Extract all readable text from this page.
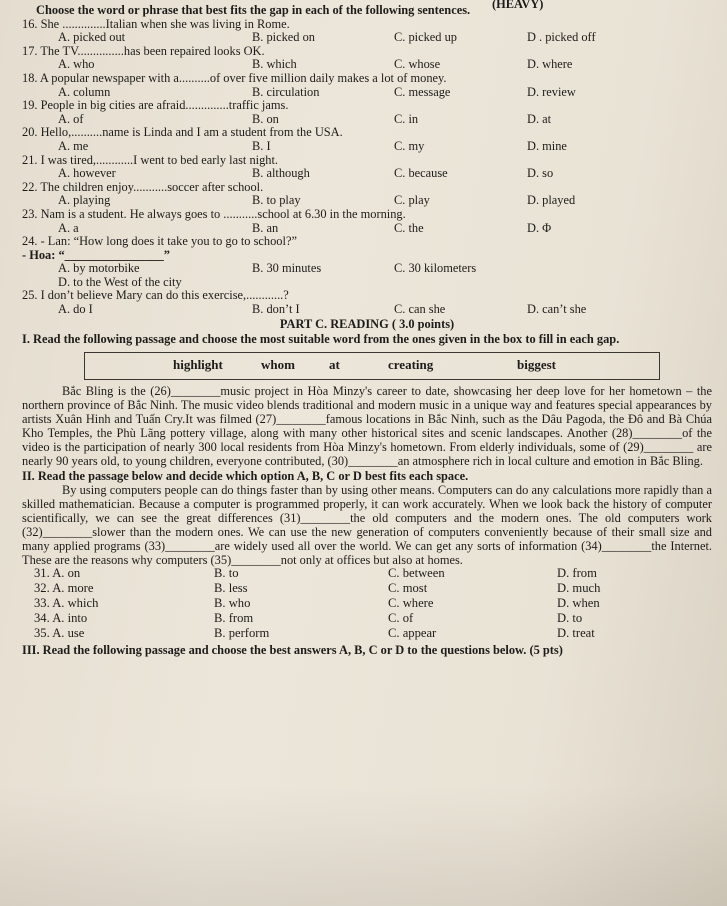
Choose the word or phrase that best fits the gap in each of the following sentences. (HEAVY)
16. She ..............Italian when she was living in Rome.
A. picked out	B. picked on	C. picked up	D . picked off
17. The TV...............has been repaired looks OK.
A. who	B. which	C. whose	D. where
18. A popular newspaper with a..........of over five million daily makes a lot of money.
A. column	B. circulation	C. message	D. review
19. People in big cities are afraid..............traffic jams.
A. of	B. on	C. in	D. at
20. Hello,..........name is Linda and I am a student from the USA.
A. me	B. I	C. my	D. mine
21. I was tired,............I went to bed early last night.
A. however	B. although	C. because	D. so
22. The children enjoy...........soccer after school.
A. playing	B. to play	C. play	D. played
23. Nam is a student. He always goes to ...........school at 6.30 in the morning.
A. a	B. an	C. the	D. Φ
24. - Lan: “How long does it take you to go to school?”
- Hoa: “________________”
A. by motorbike	B. 30 minutes	C. 30 kilometers
D. to the West of the city
25. I don’t believe Mary can do this exercise,............?
A. do I	B. don’t I	C. can she	D. can’t she
PART C. READING ( 3.0 points)
I. Read the following passage and choose the most suitable word from the ones given in the box to fill in each gap.
highlight	whom	at	creating	biggest
Bắc Bling is the (26)________music project in Hòa Minzy's career to date, showcasing her deep love for her hometown – the northern province of Bắc Ninh. The music video blends traditional and modern music in a unique way and features special appearances by artists Xuân Hinh and Tuấn Cry.It was filmed (27)________famous locations in Bắc Ninh, such as the Dâu Pagoda, the Đô and Bà Chúa Kho Temples, the Phù Lãng pottery village, along with many other historical sites and scenic landscapes. Another (28)________of the video is the participation of nearly 300 local residents from Hòa Minzy's hometown. From elderly individuals, some of (29)________ are nearly 90 years old, to young children, everyone contributed, (30)________an atmosphere rich in local culture and emotion in Bắc Bling.
II. Read the passage below and decide which option A, B, C or D best fits each space.
By using computers people can do things faster than by using other means. Computers can do any calculations more rapidly than a skilled mathematician. Because a computer is programmed properly, it can work accurately. When we look back the history of computer scientifically, we can see the great differences (31)________the old computers and the modern ones. The old computers work (32)________slower than the modern ones. We can use the new generation of computers conveniently because of their small size and many applied programs (33)________are widely used all over the world. We can get any sorts of information (34)________the Internet. These are the reasons why computers (35)________not only at offices but also at homes.
31. A. on	B. to	C. between	D. from
32. A. more	B. less	C. most	D. much
33. A. which	B. who	C. where	D. when
34. A. into	B. from	C. of	D. to
35. A. use	B. perform	C. appear	D. treat
III. Read the following passage and choose the best answers A, B, C or D to the questions below. (5 pts)
